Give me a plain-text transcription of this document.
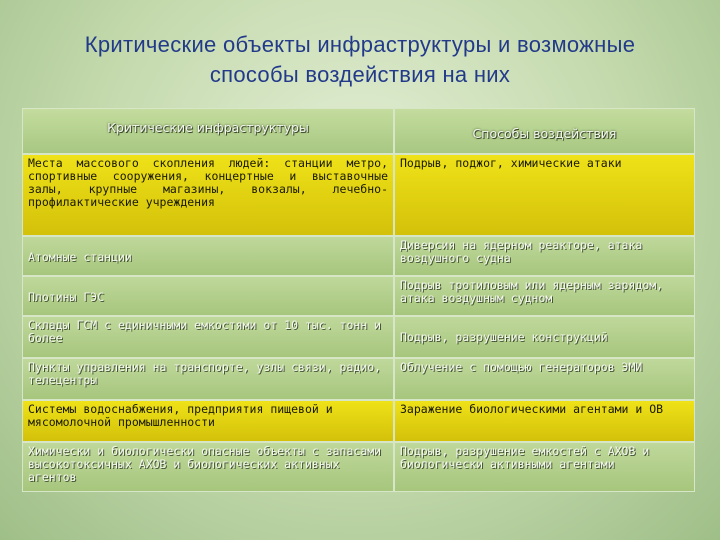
Критические объекты инфраструктуры и возможные
способы воздействия на них
Критические инфраструктуры	Способы воздействия
Места массового скопления людей: станции метро, спортивные сооружения, концертные и выставочные залы, крупные магазины, вокзалы, лечебно-профилактические учреждения
Подрыв, поджог, химические атаки
Атомные станции
Диверсия на ядерном реакторе, атака воздушного судна
Плотины ГЭС
Подрыв тротиловым или ядерным зарядом, атака воздушным судном
Склады ГСМ с единичными емкостями от 10 тыс. тонн и более	Подрыв, разрушение конструкций
Пункты управления на транспорте, узлы связи, радио, телецентры
Облучение с помощью генераторов ЭМИ
Системы водоснабжения, предприятия пищевой и мясомолочной промышленности
Заражение биологическими агентами и ОВ
Химически и биологически опасные объекты с запасами высокотоксичных АХОВ и биологических активных агентов
Подрыв, разрушение емкостей с АХОВ и биологически активными агентами
